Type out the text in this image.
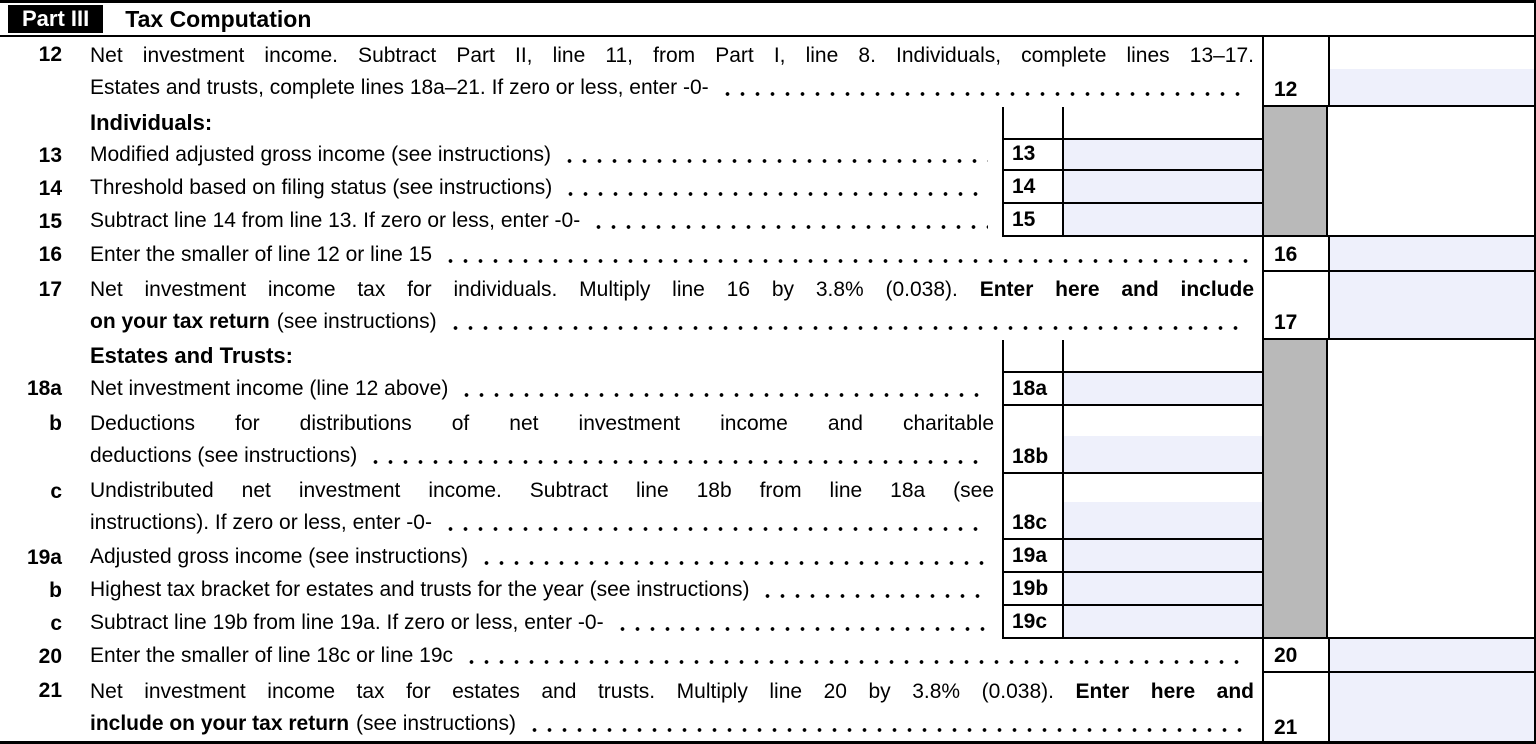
Part III	Tax Computation
12	Net investment income. Subtract Part II, line 11, from Part I, line 8. Individuals, complete lines 13–17.
Estates and trusts, complete lines 18a–21. If zero or less, enter -0-	12
Individuals:
13	Modified adjusted gross income (see instructions)	13
14	Threshold based on filing status (see instructions)	14
15	Subtract line 14 from line 13. If zero or less, enter -0-	15
16	Enter the smaller of line 12 or line 15	16
17	Net investment income tax for individuals. Multiply line 16 by 3.8% (0.038). Enter here and include
on your tax return (see instructions)	17
Estates and Trusts:
18a	Net investment income (line 12 above)	18a
b	Deductions for distributions of net investment income and charitable
deductions (see instructions)	18b
c	Undistributed net investment income. Subtract line 18b from line 18a (see
instructions). If zero or less, enter -0-	18c
19a	Adjusted gross income (see instructions)	19a
b	Highest tax bracket for estates and trusts for the year (see instructions)	19b
c	Subtract line 19b from line 19a. If zero or less, enter -0-	19c
20	Enter the smaller of line 18c or line 19c	20
21	Net investment income tax for estates and trusts. Multiply line 20 by 3.8% (0.038). Enter here and
include on your tax return (see instructions)	21
